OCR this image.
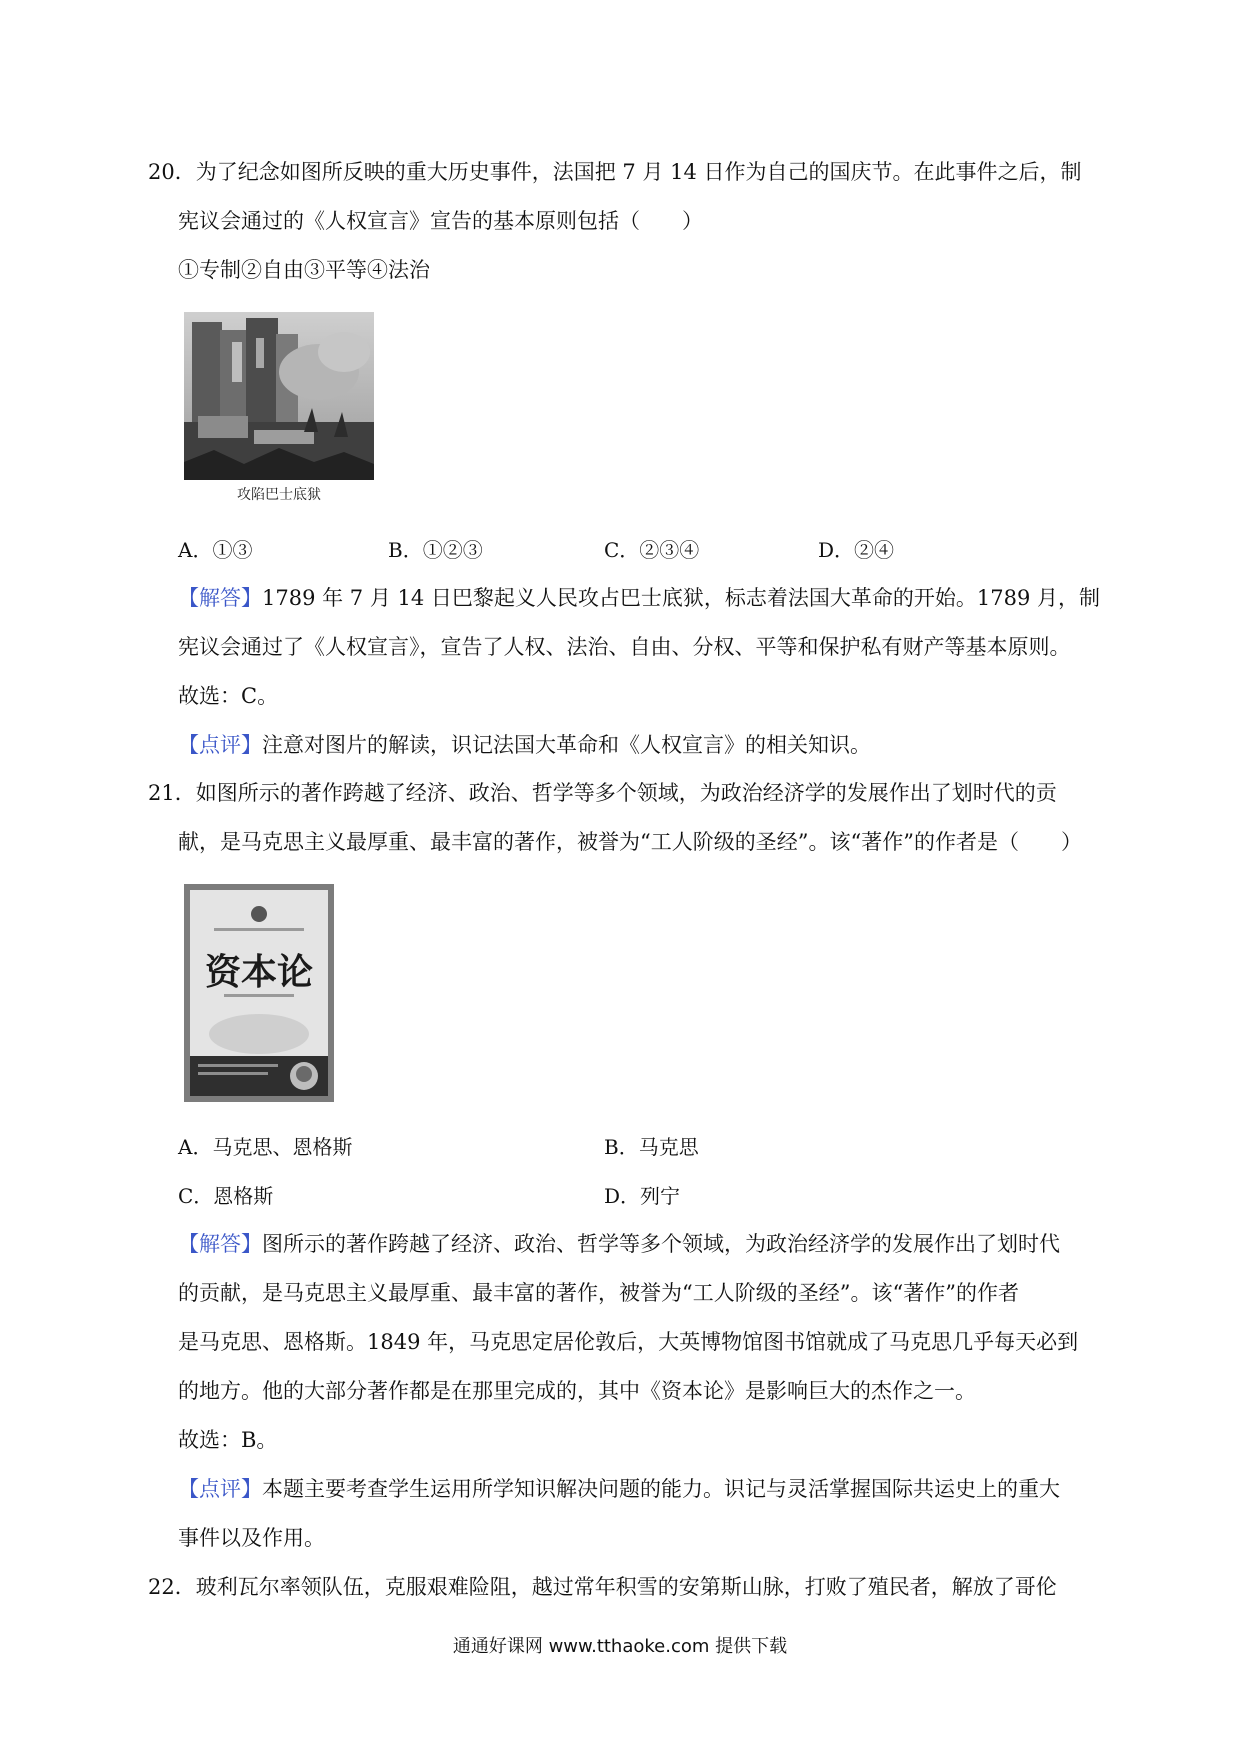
20．为了纪念如图所反映的重大历史事件，法国把 7 月 14 日作为自己的国庆节。在此事件之后，制
宪议会通过的《人权宣言》宣告的基本原则包括（　　）
①专制②自由③平等④法治
攻陷巴士底狱
A．①③	B．①②③	C．②③④	D．②④
【解答】1789 年 7 月 14 日巴黎起义人民攻占巴士底狱，标志着法国大革命的开始。1789 月，制
宪议会通过了《人权宣言》，宣告了人权、法治、自由、分权、平等和保护私有财产等基本原则。
故选：C。
【点评】注意对图片的解读，识记法国大革命和《人权宣言》的相关知识。
21．如图所示的著作跨越了经济、政治、哲学等多个领域，为政治经济学的发展作出了划时代的贡
献，是马克思主义最厚重、最丰富的著作，被誉为“工人阶级的圣经”。该“著作”的作者是（　　）
资本论
A．马克思、恩格斯	B．马克思
C．恩格斯	D．列宁
【解答】图所示的著作跨越了经济、政治、哲学等多个领域，为政治经济学的发展作出了划时代
的贡献，是马克思主义最厚重、最丰富的著作，被誉为“工人阶级的圣经”。该“著作”的作者
是马克思、恩格斯。1849 年，马克思定居伦敦后，大英博物馆图书馆就成了马克思几乎每天必到
的地方。他的大部分著作都是在那里完成的，其中《资本论》是影响巨大的杰作之一。
故选：B。
【点评】本题主要考查学生运用所学知识解决问题的能力。识记与灵活掌握国际共运史上的重大
事件以及作用。
22．玻利瓦尔率领队伍，克服艰难险阻，越过常年积雪的安第斯山脉，打败了殖民者，解放了哥伦
通通好课网 www.tthaoke.com 提供下载
